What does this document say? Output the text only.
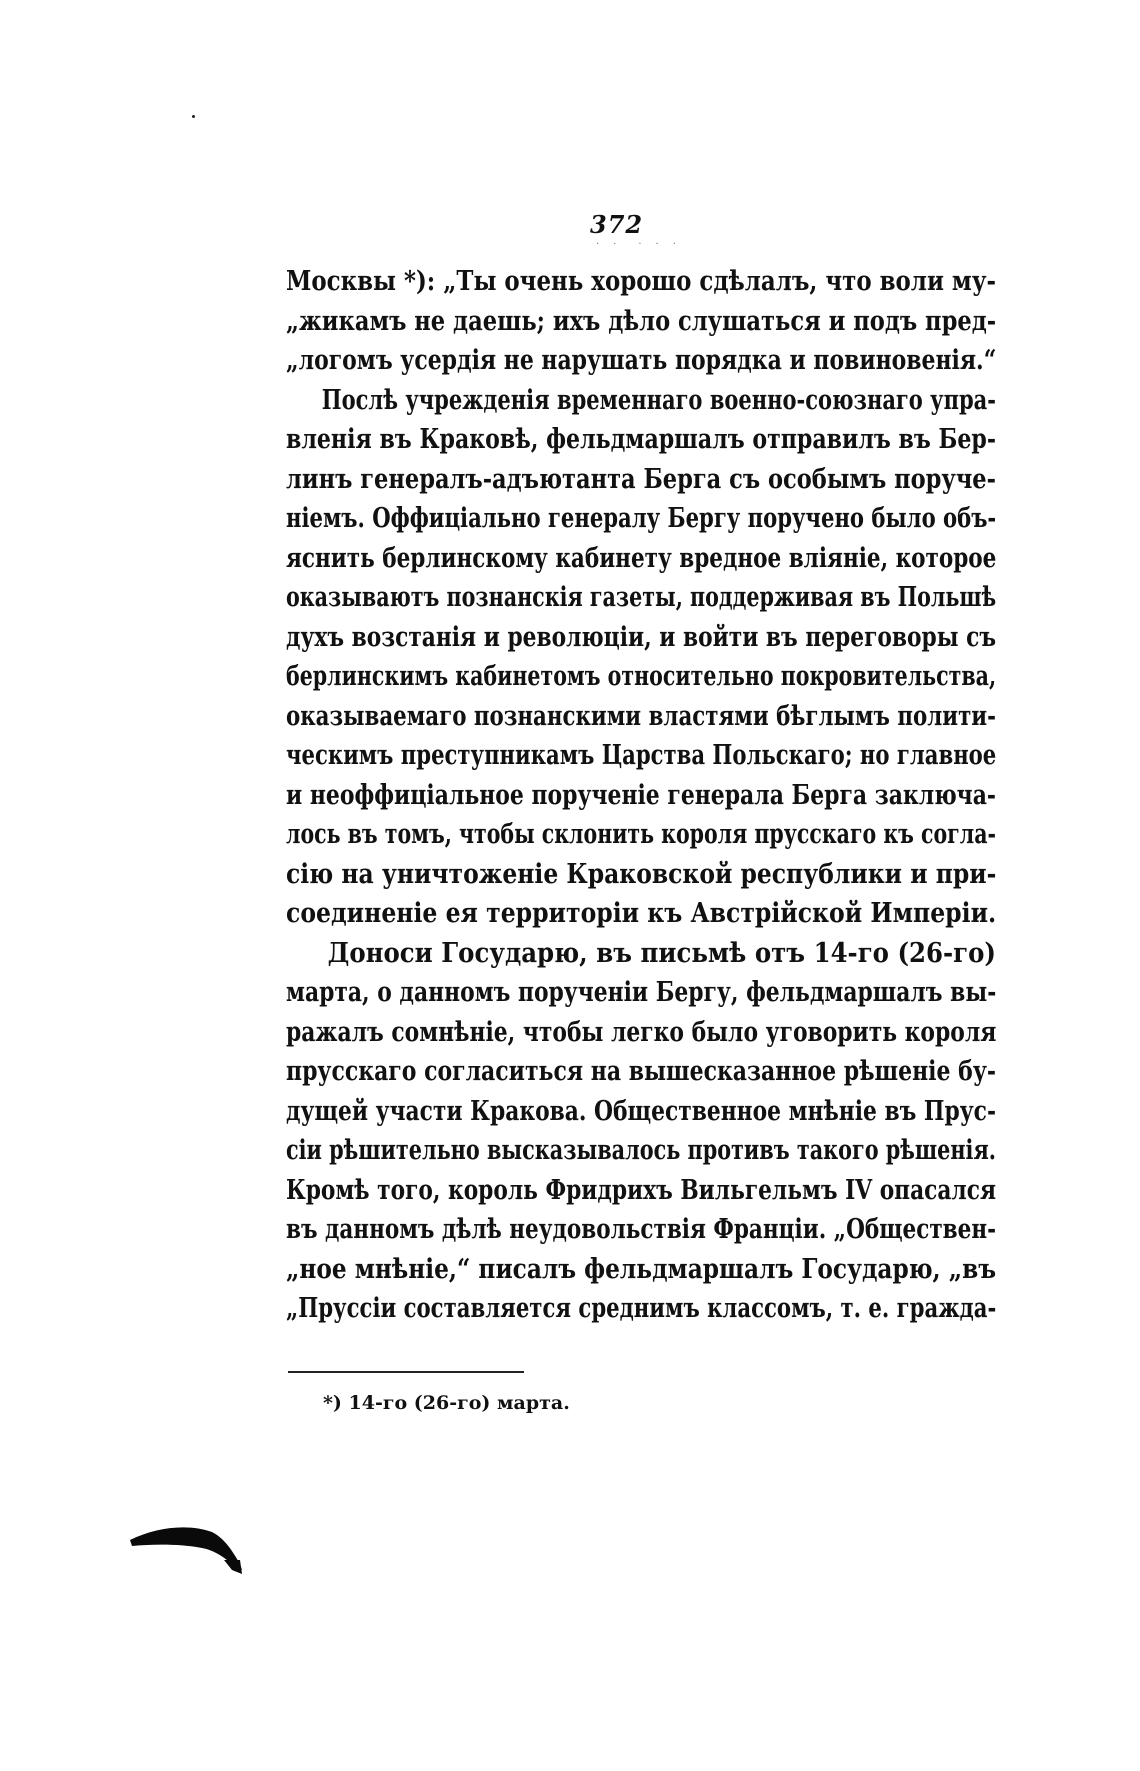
372
. .  . . .
Москвы *): „Ты очень хорошо сдѣлалъ, что воли му-
„жикамъ не даешь; ихъ дѣло слушаться и подъ пред-
„логомъ усердія не нарушать порядка и повиновенія.“
Послѣ учрежденія временнаго военно-союзнаго упра-
вленія въ Краковѣ, фельдмаршалъ отправилъ въ Бер-
линъ генералъ-адъютанта Берга съ особымъ поруче-
ніемъ. Оффиціально генералу Бергу поручено было объ-
яснить берлинскому кабинету вредное вліяніе, которое
оказываютъ познанскія газеты, поддерживая въ Польшѣ
духъ возстанія и революціи, и войти въ переговоры съ
берлинскимъ кабинетомъ относительно покровительства,
оказываемаго познанскими властями бѣглымъ полити-
ческимъ преступникамъ Царства Польскаго; но главное
и неоффиціальное порученіе генерала Берга заключа-
лось въ томъ, чтобы склонить короля прусскаго къ согла-
сію на уничтоженіе Краковской республики и при-
соединеніе ея территоріи къ Австрійской Имперіи.
Доноси Государю, въ письмѣ отъ 14-го (26-го)
марта, о данномъ порученіи Бергу, фельдмаршалъ вы-
ражалъ сомнѣніе, чтобы легко было уговорить короля
прусскаго согласиться на вышесказанное рѣшеніе бу-
дущей участи Кракова. Общественное мнѣніе въ Прус-
сіи рѣшительно высказывалось противъ такого рѣшенія.
Кромѣ того, король Фридрихъ Вильгельмъ IV опасался
въ данномъ дѣлѣ неудовольствія Франціи. „Обществен-
„ное мнѣніе,“ писалъ фельдмаршалъ Государю, „въ
„Пруссіи составляется среднимъ классомъ, т. е. гражда-
*) 14-го (26-го) марта.
